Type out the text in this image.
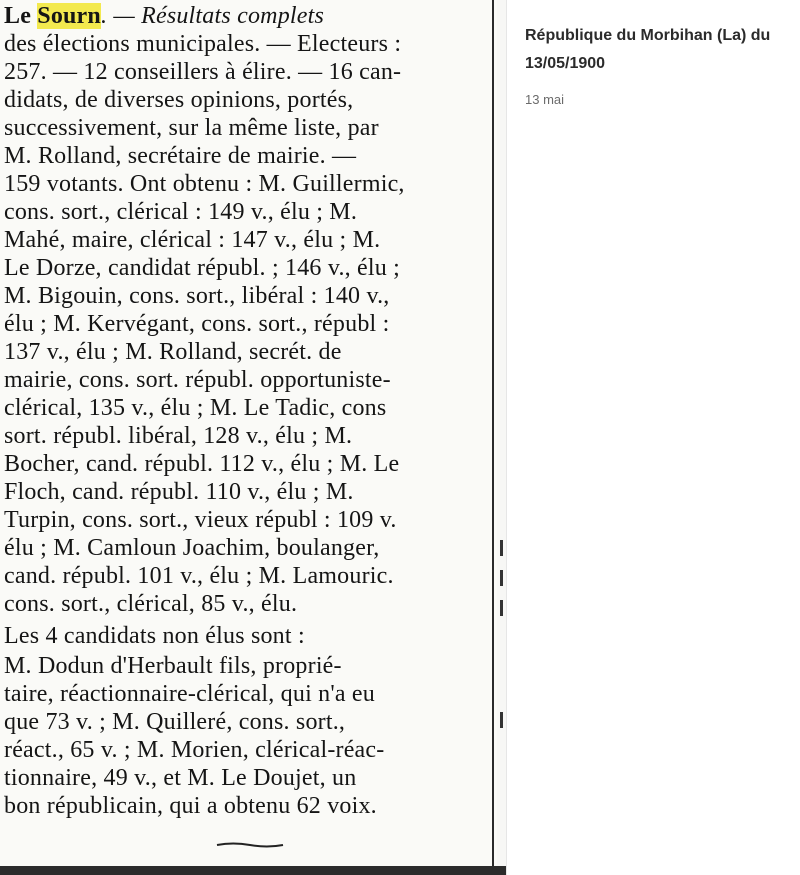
Le Sourn. — Résultats complets
des élections municipales. — Electeurs :
257. — 12 conseillers à élire. — 16 can-
didats, de diverses opinions, portés,
successivement, sur la même liste, par
M. Rolland, secrétaire de mairie. —
159 votants. Ont obtenu : M. Guillermic,
cons. sort., clérical : 149 v., élu ; M.
Mahé, maire, clérical : 147 v., élu ; M.
Le Dorze, candidat républ. ; 146 v., élu ;
M. Bigouin, cons. sort., libéral : 140 v.,
élu ; M. Kervégant, cons. sort., républ :
137 v., élu ; M. Rolland, secrét. de
mairie, cons. sort. républ. opportuniste-
clérical, 135 v., élu ; M. Le Tadic, cons
sort. républ. libéral, 128 v., élu ; M.
Bocher, cand. républ. 112 v., élu ; M. Le
Floch, cand. républ. 110 v., élu ; M.
Turpin, cons. sort., vieux républ : 109 v.
élu ; M. Camloun Joachim, boulanger,
cand. républ. 101 v., élu ; M. Lamouric.
cons. sort., clérical, 85 v., élu.
Les 4 candidats non élus sont :
M. Dodun d'Herbault fils, proprié-
taire, réactionnaire-clérical, qui n'a eu
que 73 v. ; M. Quilleré, cons. sort.,
réact., 65 v. ; M. Morien, clérical-réac-
tionnaire, 49 v., et M. Le Doujet, un
bon républicain, qui a obtenu 62 voix.
République du Morbihan (La) du 13/05/1900
13 mai
